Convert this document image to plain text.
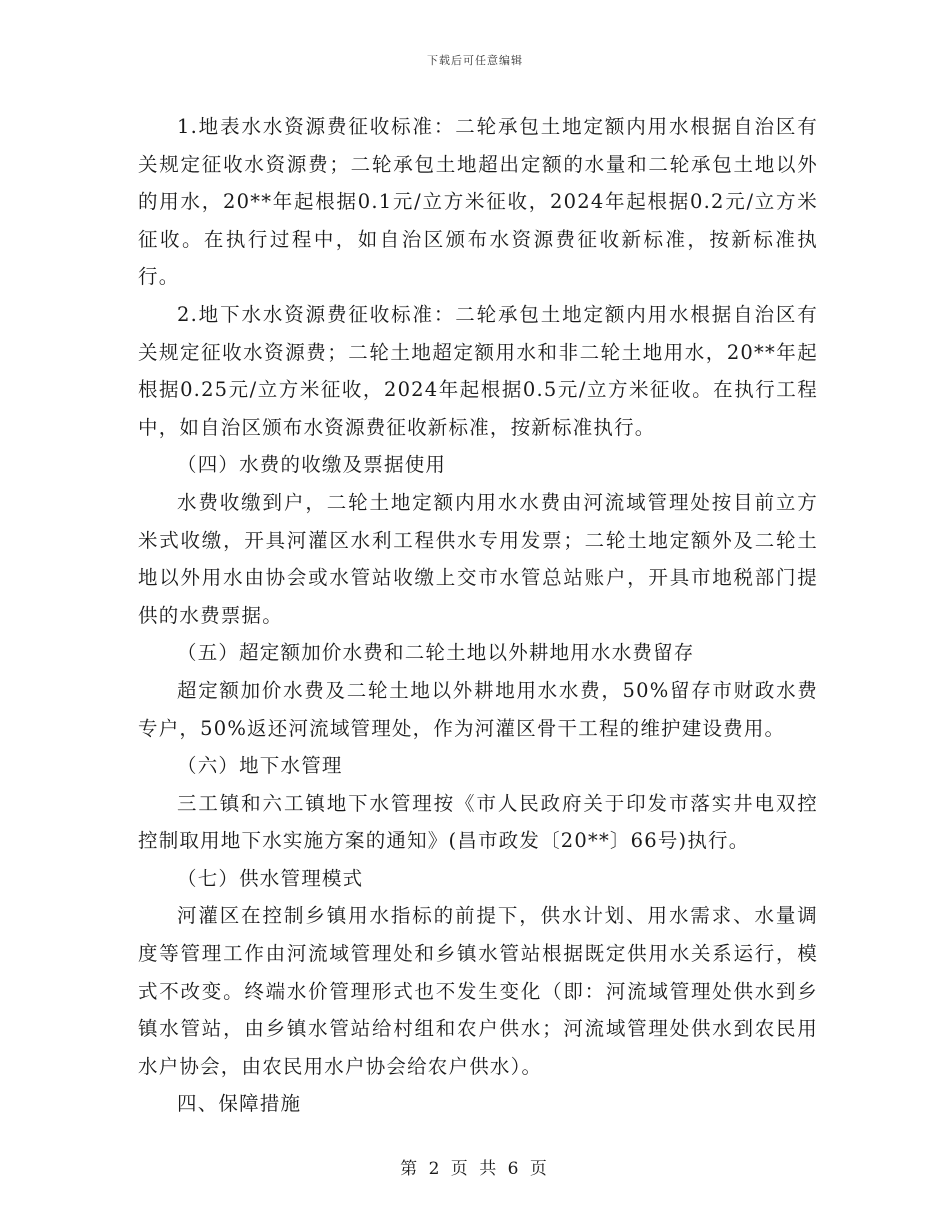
下载后可任意编辑

1.地表水水资源费征收标准：二轮承包土地定额内用水根据自治区有关规定征收水资源费；二轮承包土地超出定额的水量和二轮承包土地以外的用水，20**年起根据0.1元/立方米征收，2024年起根据0.2元/立方米征收。在执行过程中，如自治区颁布水资源费征收新标准，按新标准执行。

2.地下水水资源费征收标准：二轮承包土地定额内用水根据自治区有关规定征收水资源费；二轮土地超定额用水和非二轮土地用水，20**年起根据0.25元/立方米征收，2024年起根据0.5元/立方米征收。在执行工程中，如自治区颁布水资源费征收新标准，按新标准执行。

（四）水费的收缴及票据使用

水费收缴到户，二轮土地定额内用水水费由河流域管理处按目前立方米式收缴，开具河灌区水利工程供水专用发票；二轮土地定额外及二轮土地以外用水由协会或水管站收缴上交市水管总站账户，开具市地税部门提供的水费票据。

（五）超定额加价水费和二轮土地以外耕地用水水费留存

超定额加价水费及二轮土地以外耕地用水水费，50%留存市财政水费专户，50%返还河流域管理处，作为河灌区骨干工程的维护建设费用。

（六）地下水管理

三工镇和六工镇地下水管理按《市人民政府关于印发市落实井电双控控制取用地下水实施方案的通知》(昌市政发〔20**〕66号)执行。

（七）供水管理模式

河灌区在控制乡镇用水指标的前提下，供水计划、用水需求、水量调度等管理工作由河流域管理处和乡镇水管站根据既定供用水关系运行，模式不改变。终端水价管理形式也不发生变化（即：河流域管理处供水到乡镇水管站，由乡镇水管站给村组和农户供水；河流域管理处供水到农民用水户协会，由农民用水户协会给农户供水）。

四、保障措施

第 2 页 共 6 页
